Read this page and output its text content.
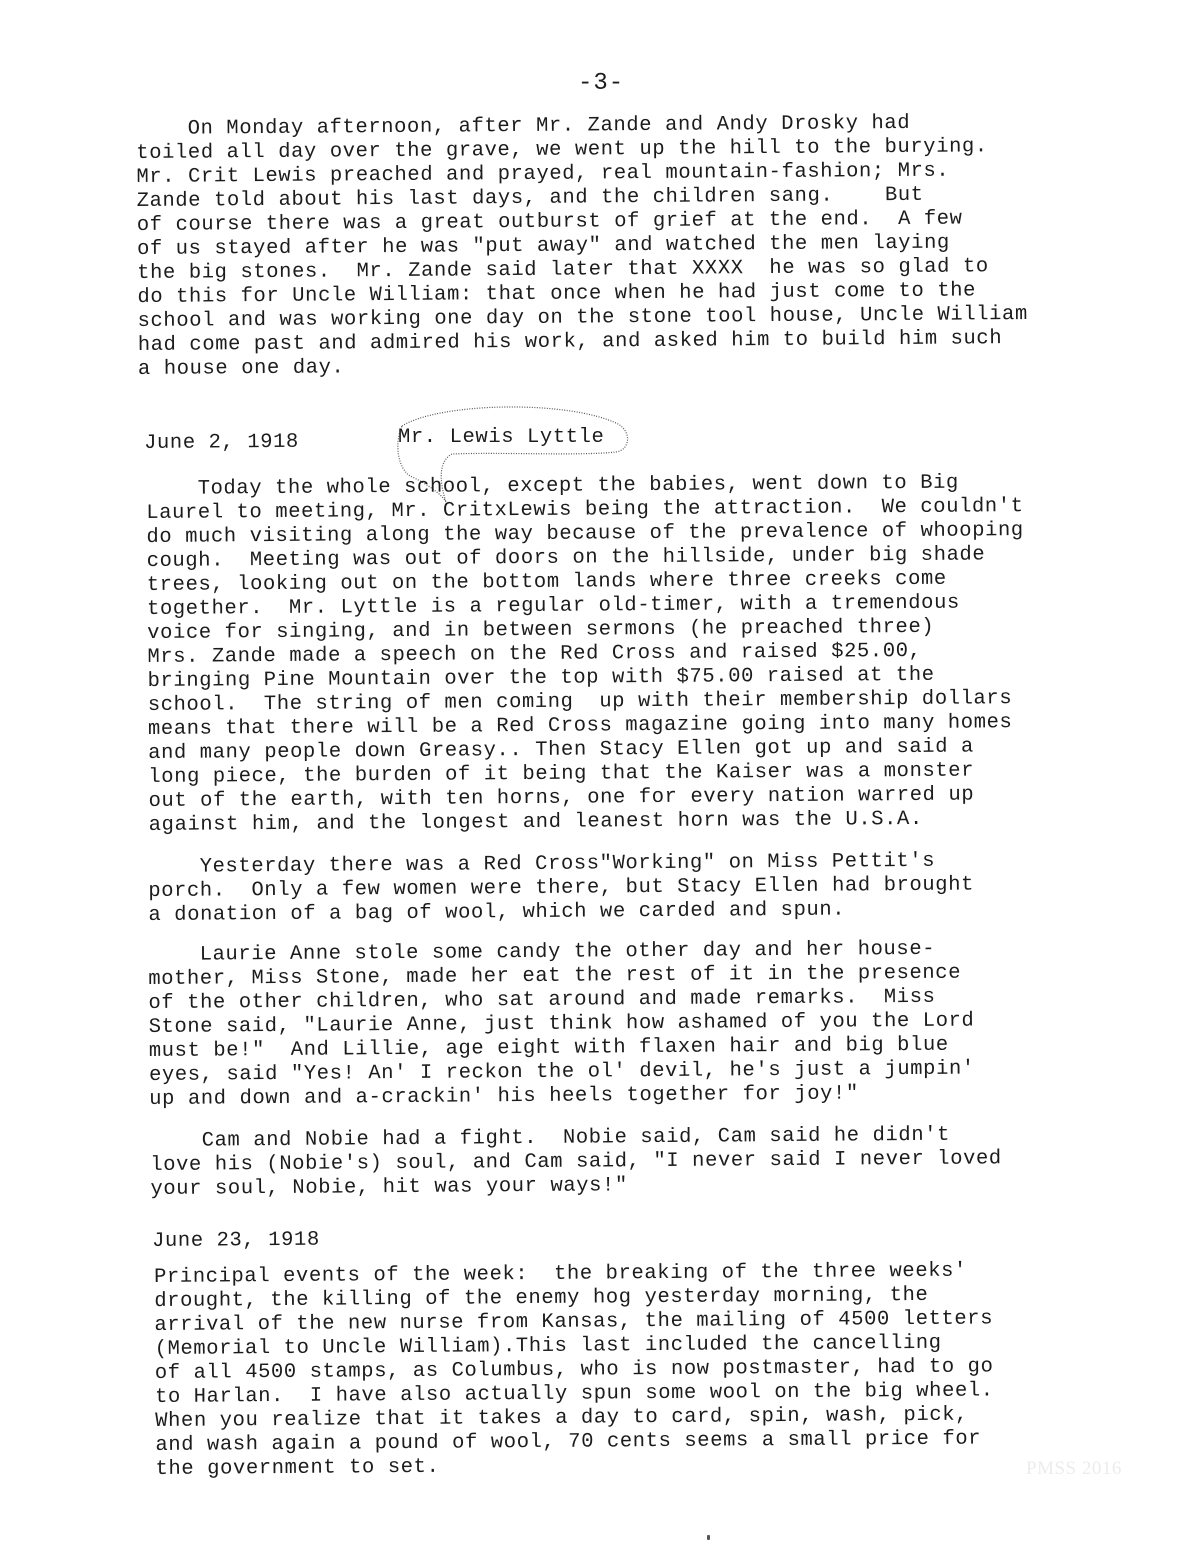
-3-
On Monday afternoon, after Mr. Zande and Andy Drosky had
toiled all day over the grave, we went up the hill to the burying.
Mr. Crit Lewis preached and prayed, real mountain-fashion; Mrs.
Zande told about his last days, and the children sang.    But
of course there was a great outburst of grief at the end.  A few
of us stayed after he was "put away" and watched the men laying
the big stones.  Mr. Zande said later that XXXX  he was so glad to
do this for Uncle William: that once when he had just come to the
school and was working one day on the stone tool house, Uncle William
had come past and admired his work, and asked him to build him such
a house one day.
June 2, 1918	Mr. Lewis Lyttle
Today the whole school, except the babies, went down to Big
Laurel to meeting, Mr. CritxLewis being the attraction.  We couldn't
do much visiting along the way because of the prevalence of whooping
cough.  Meeting was out of doors on the hillside, under big shade
trees, looking out on the bottom lands where three creeks come
together.  Mr. Lyttle is a regular old-timer, with a tremendous
voice for singing, and in between sermons (he preached three)
Mrs. Zande made a speech on the Red Cross and raised $25.00,
bringing Pine Mountain over the top with $75.00 raised at the
school.  The string of men coming  up with their membership dollars
means that there will be a Red Cross magazine going into many homes
and many people down Greasy.. Then Stacy Ellen got up and said a
long piece, the burden of it being that the Kaiser was a monster
out of the earth, with ten horns, one for every nation warred up
against him, and the longest and leanest horn was the U.S.A.
Yesterday there was a Red Cross"Working" on Miss Pettit's
porch.  Only a few women were there, but Stacy Ellen had brought
a donation of a bag of wool, which we carded and spun.
Laurie Anne stole some candy the other day and her house-
mother, Miss Stone, made her eat the rest of it in the presence
of the other children, who sat around and made remarks.  Miss
Stone said, "Laurie Anne, just think how ashamed of you the Lord
must be!"  And Lillie, age eight with flaxen hair and big blue
eyes, said "Yes! An' I reckon the ol' devil, he's just a jumpin'
up and down and a-crackin' his heels together for joy!"
Cam and Nobie had a fight.  Nobie said, Cam said he didn't
love his (Nobie's) soul, and Cam said, "I never said I never loved
your soul, Nobie, hit was your ways!"
June 23, 1918
Principal events of the week:  the breaking of the three weeks'
drought, the killing of the enemy hog yesterday morning, the
arrival of the new nurse from Kansas, the mailing of 4500 letters
(Memorial to Uncle William).This last included the cancelling
of all 4500 stamps, as Columbus, who is now postmaster, had to go
to Harlan.  I have also actually spun some wool on the big wheel.
When you realize that it takes a day to card, spin, wash, pick,
and wash again a pound of wool, 70 cents seems a small price for
the government to set.	PMSS 2016
